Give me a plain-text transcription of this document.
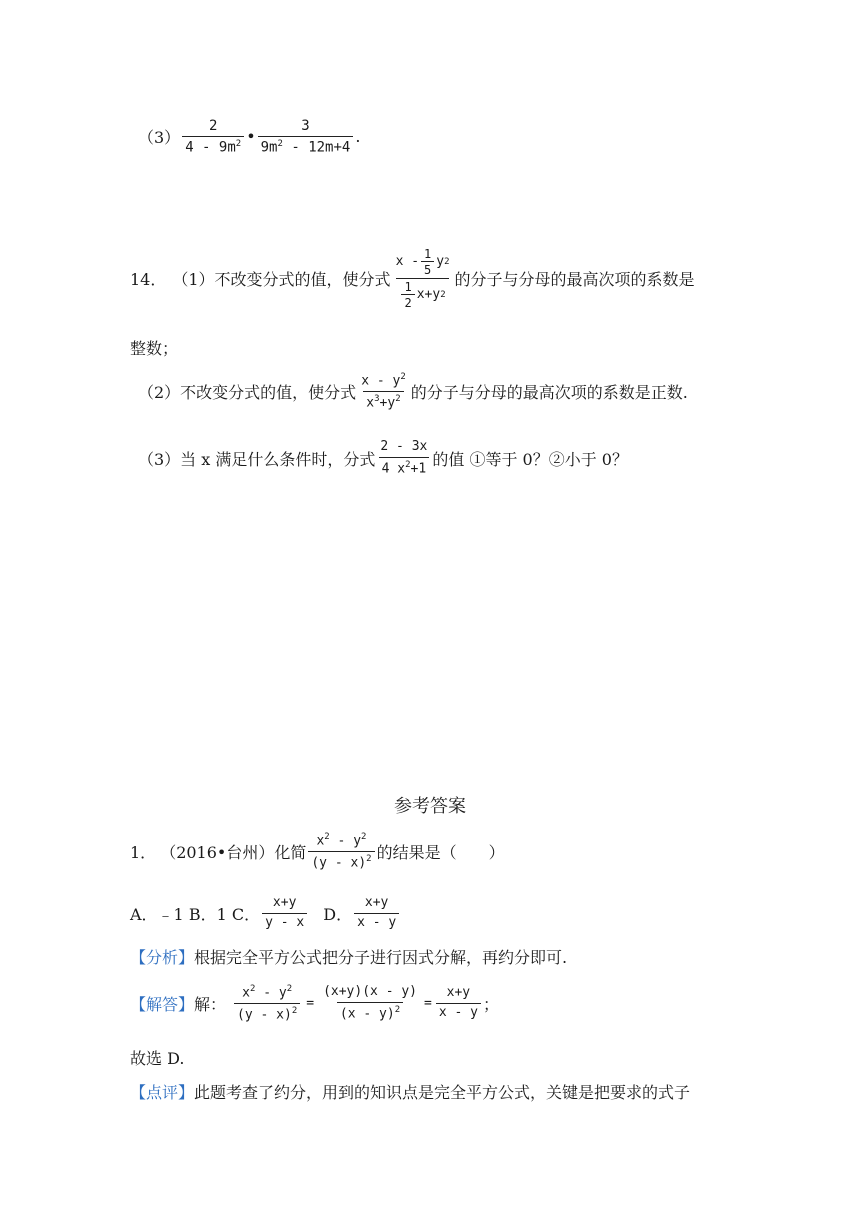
$(3) \frac{2}{4 - 9m^2}$ • $\frac{3}{9m^2 - 12m+4}$ .
14． （1）不改变分式的值，使分式 $\frac{x - \frac{1}{5} y 2}{\frac{1}{2} x+y 2}$ 的分子与分母的最高次项的系数是
整数；
（2）不改变分式的值，使分式 $\frac{x - y^2}{x^3+y^2}$ 的分子与分母的最高次项的系数是正数.
（3）当 x 满足什么条件时，分式 $\frac{2 - 3x}{4 x^2+1}$ 的值 ①等于 0？②小于 0？
参考答案
1． （2016•台州）化简 $\frac{x^2 - y^2}{(y - x)^2}$ 的结果是（　　）
A．﹣1 B．1 C． $\frac{x+y}{y - x}$ D． $\frac{x+y}{x - y}$
【分析】 根据完全平方公式把分子进行因式分解，再约分即可.
【解答】 解： $\frac{x^2 - y^2}{(y - x)^2} = \frac{(x+y)(x - y)}{(x - y)^2} = \frac{x+y}{x - y}$ ；
故选 D.
【点评】 此题考查了约分，用到的知识点是完全平方公式，关键是把要求的式子
